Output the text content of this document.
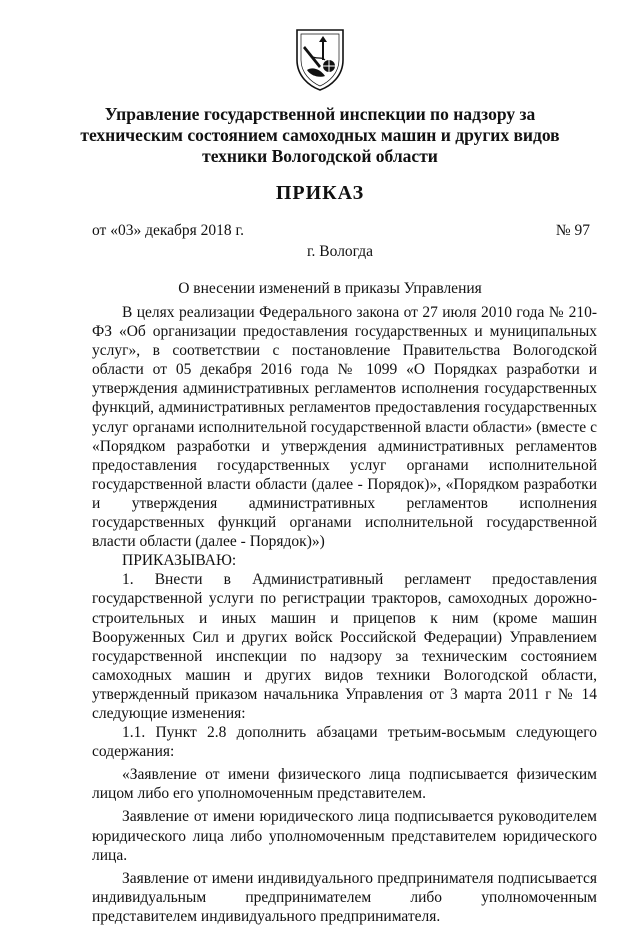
Управление государственной инспекции по надзору за техническим состоянием самоходных машин и других видов техники Вологодской области
ПРИКАЗ
от «03» декабря 2018 г.	№ 97
г. Вологда
О внесении изменений в приказы Управления

В целях реализации Федерального закона от 27 июля 2010 года № 210-ФЗ «Об организации предоставления государственных и муниципальных услуг», в соответствии с постановление Правительства Вологодской области от 05 декабря 2016 года № 1099 «О Порядках разработки и утверждения административных регламентов исполнения государственных функций, административных регламентов предоставления государственных услуг органами исполнительной государственной власти области» (вместе с «Порядком разработки и утверждения административных регламентов предоставления государственных услуг органами исполнительной государственной власти области (далее - Порядок)», «Порядком разработки и утверждения административных регламентов исполнения государственных функций органами исполнительной государственной власти области (далее - Порядок)»)

ПРИКАЗЫВАЮ:

1. Внести в Административный регламент предоставления государственной услуги по регистрации тракторов, самоходных дорожно-строительных и иных машин и прицепов к ним (кроме машин Вооруженных Сил и других войск Российской Федерации) Управлением государственной инспекции по надзору за техническим состоянием самоходных машин и других видов техники Вологодской области, утвержденный приказом начальника Управления от 3 марта 2011 г № 14 следующие изменения:

1.1. Пункт 2.8 дополнить абзацами третьим-восьмым следующего содержания:

«Заявление от имени физического лица подписывается физическим лицом либо его уполномоченным представителем.

Заявление от имени юридического лица подписывается руководителем юридического лица либо уполномоченным представителем юридического лица.

Заявление от имени индивидуального предпринимателя подписывается индивидуальным предпринимателем либо уполномоченным представителем индивидуального предпринимателя.
